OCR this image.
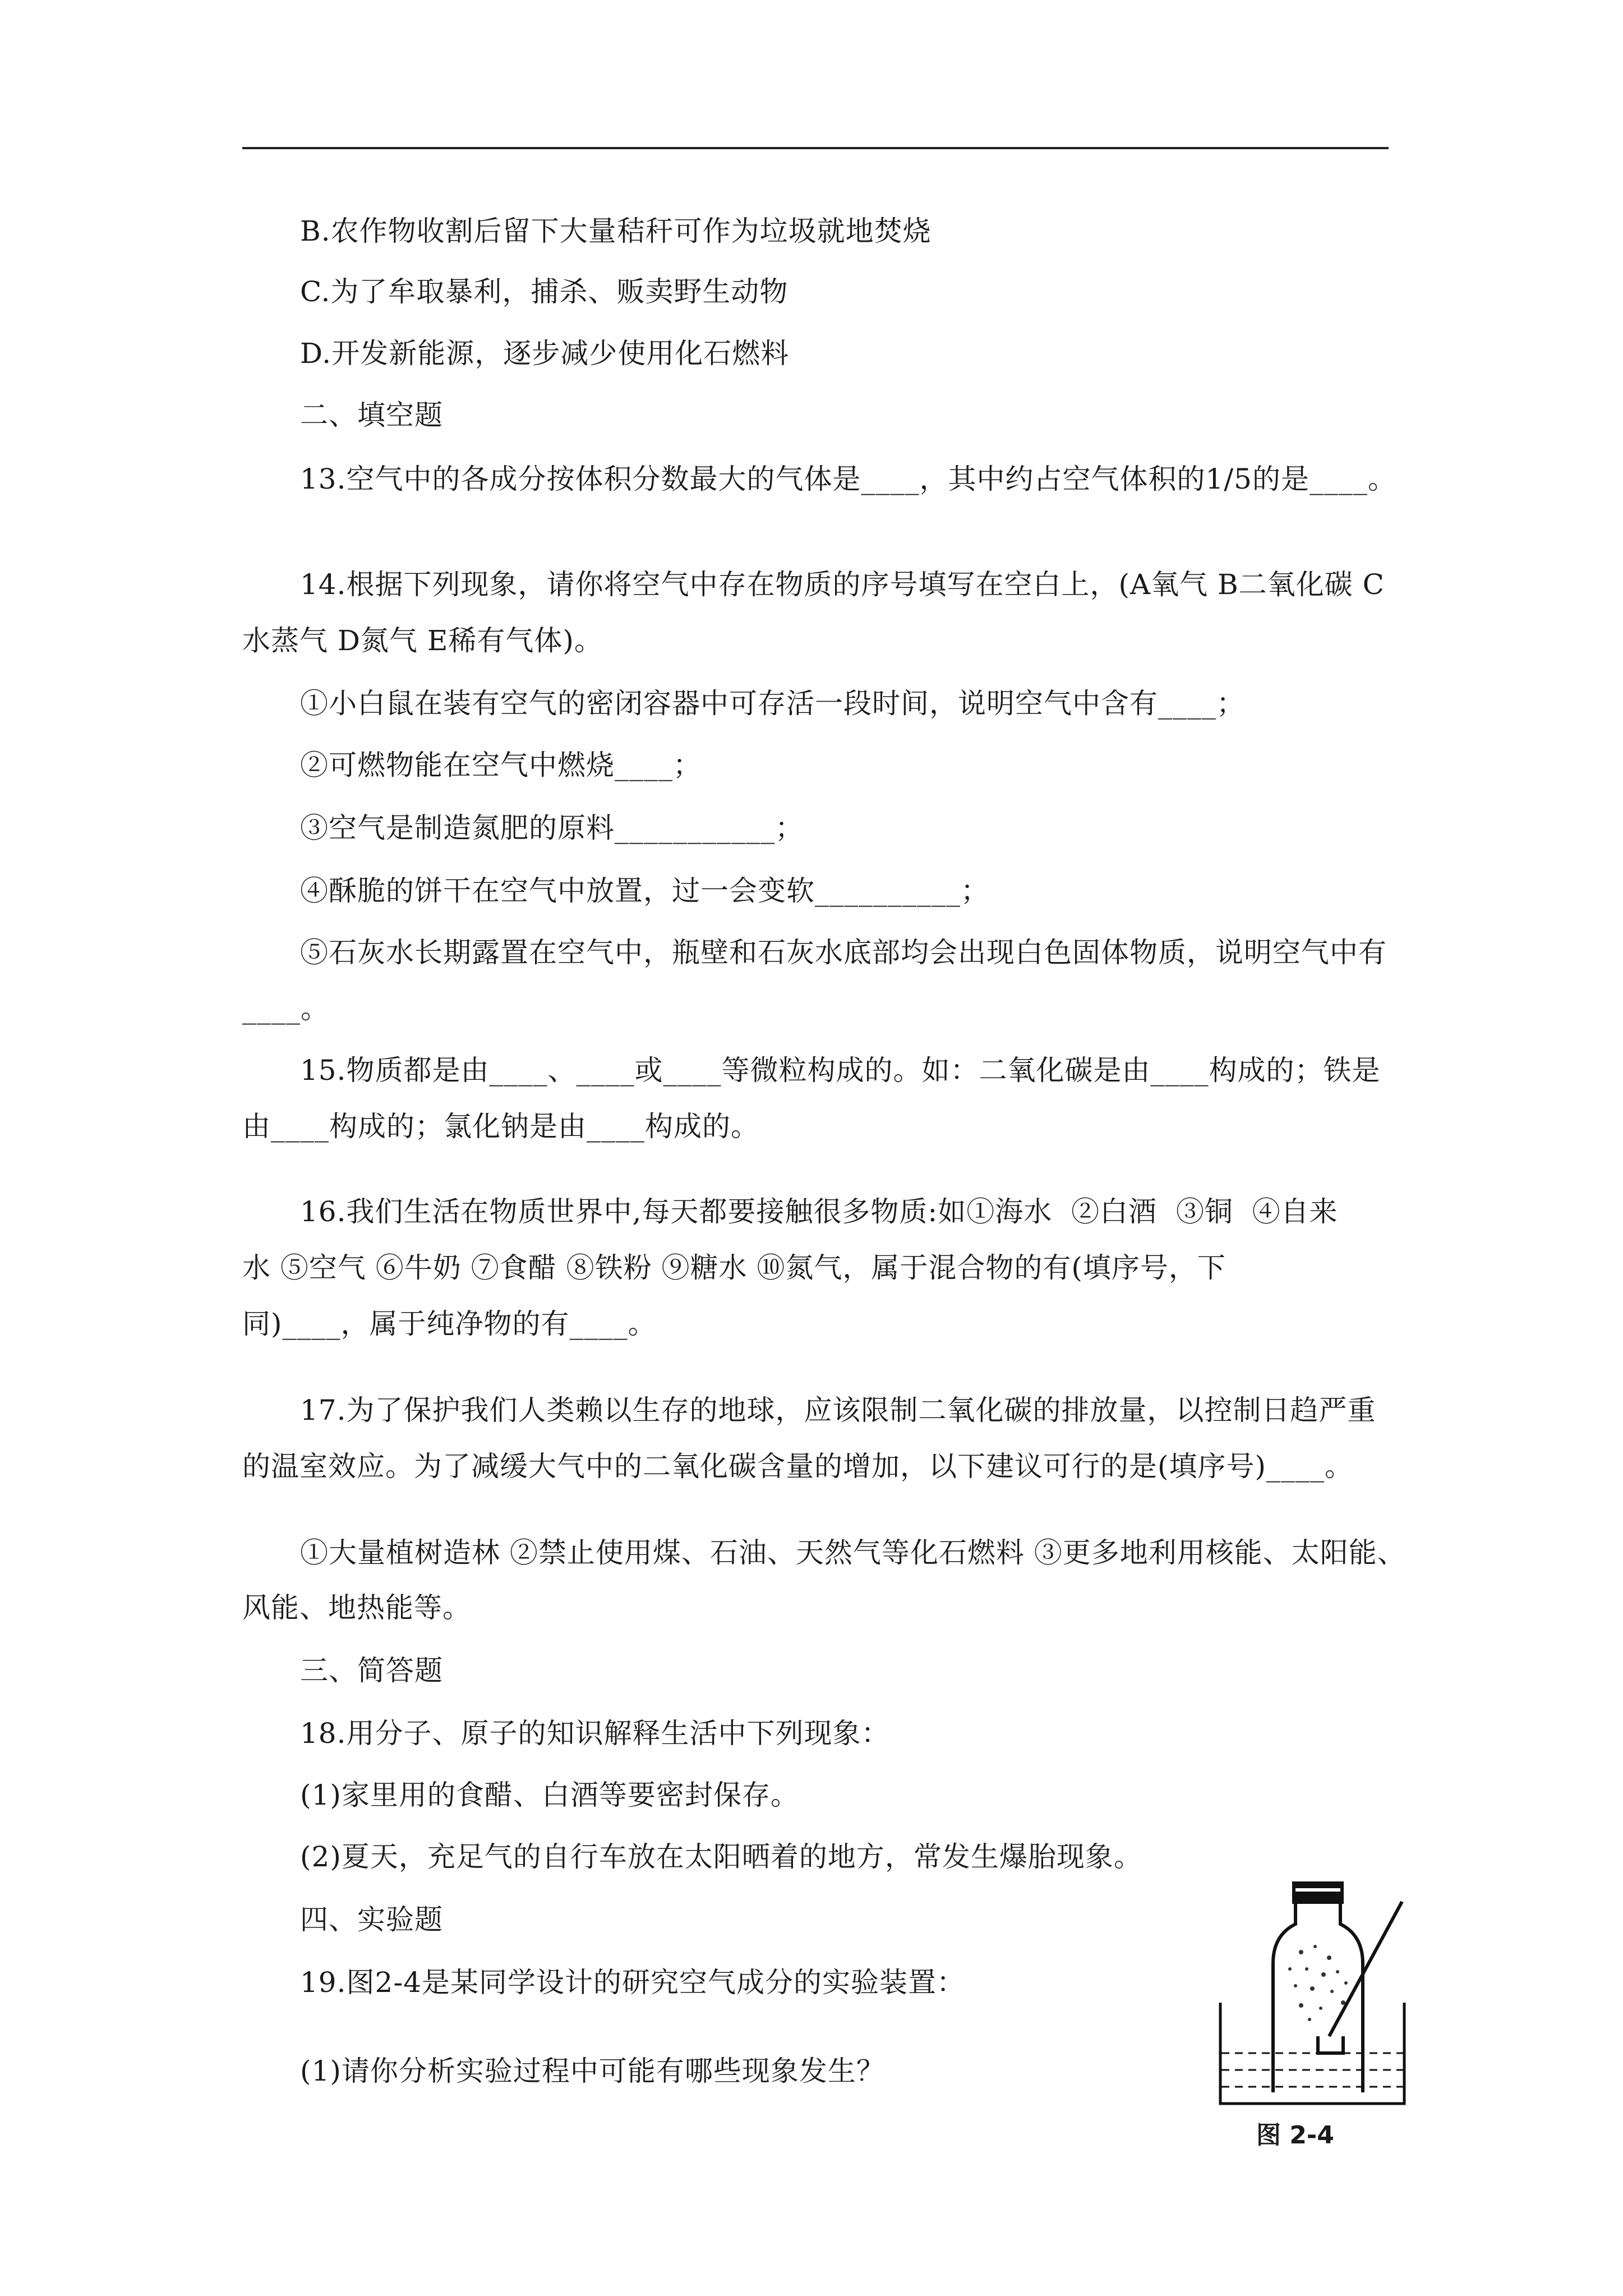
B.农作物收割后留下大量秸秆可作为垃圾就地焚烧
C.为了牟取暴利，捕杀、贩卖野生动物
D.开发新能源，逐步减少使用化石燃料
二、填空题
13.空气中的各成分按体积分数最大的气体是____，其中约占空气体积的1/5的是____。
14.根据下列现象，请你将空气中存在物质的序号填写在空白上，(A氧气 B二氧化碳 C
水蒸气 D氮气 E稀有气体)。
①小白鼠在装有空气的密闭容器中可存活一段时间，说明空气中含有____；
②可燃物能在空气中燃烧____；
③空气是制造氮肥的原料___________；
④酥脆的饼干在空气中放置，过一会变软__________；
⑤石灰水长期露置在空气中，瓶壁和石灰水底部均会出现白色固体物质，说明空气中有
____。
15.物质都是由____、____或____等微粒构成的。如：二氧化碳是由____构成的；铁是
由____构成的；氯化钠是由____构成的。
16.我们生活在物质世界中,每天都要接触很多物质:如①海水  ②白酒  ③铜  ④自来
水 ⑤空气 ⑥牛奶 ⑦食醋 ⑧铁粉 ⑨糖水 ⑩氮气，属于混合物的有(填序号，下
同)____，属于纯净物的有____。
17.为了保护我们人类赖以生存的地球，应该限制二氧化碳的排放量，以控制日趋严重
的温室效应。为了减缓大气中的二氧化碳含量的增加，以下建议可行的是(填序号)____。
①大量植树造林 ②禁止使用煤、石油、天然气等化石燃料 ③更多地利用核能、太阳能、
风能、地热能等。
三、简答题
18.用分子、原子的知识解释生活中下列现象：
(1)家里用的食醋、白酒等要密封保存。
(2)夏天，充足气的自行车放在太阳晒着的地方，常发生爆胎现象。
四、实验题
19.图2-4是某同学设计的研究空气成分的实验装置：
(1)请你分析实验过程中可能有哪些现象发生？
图 2-4
